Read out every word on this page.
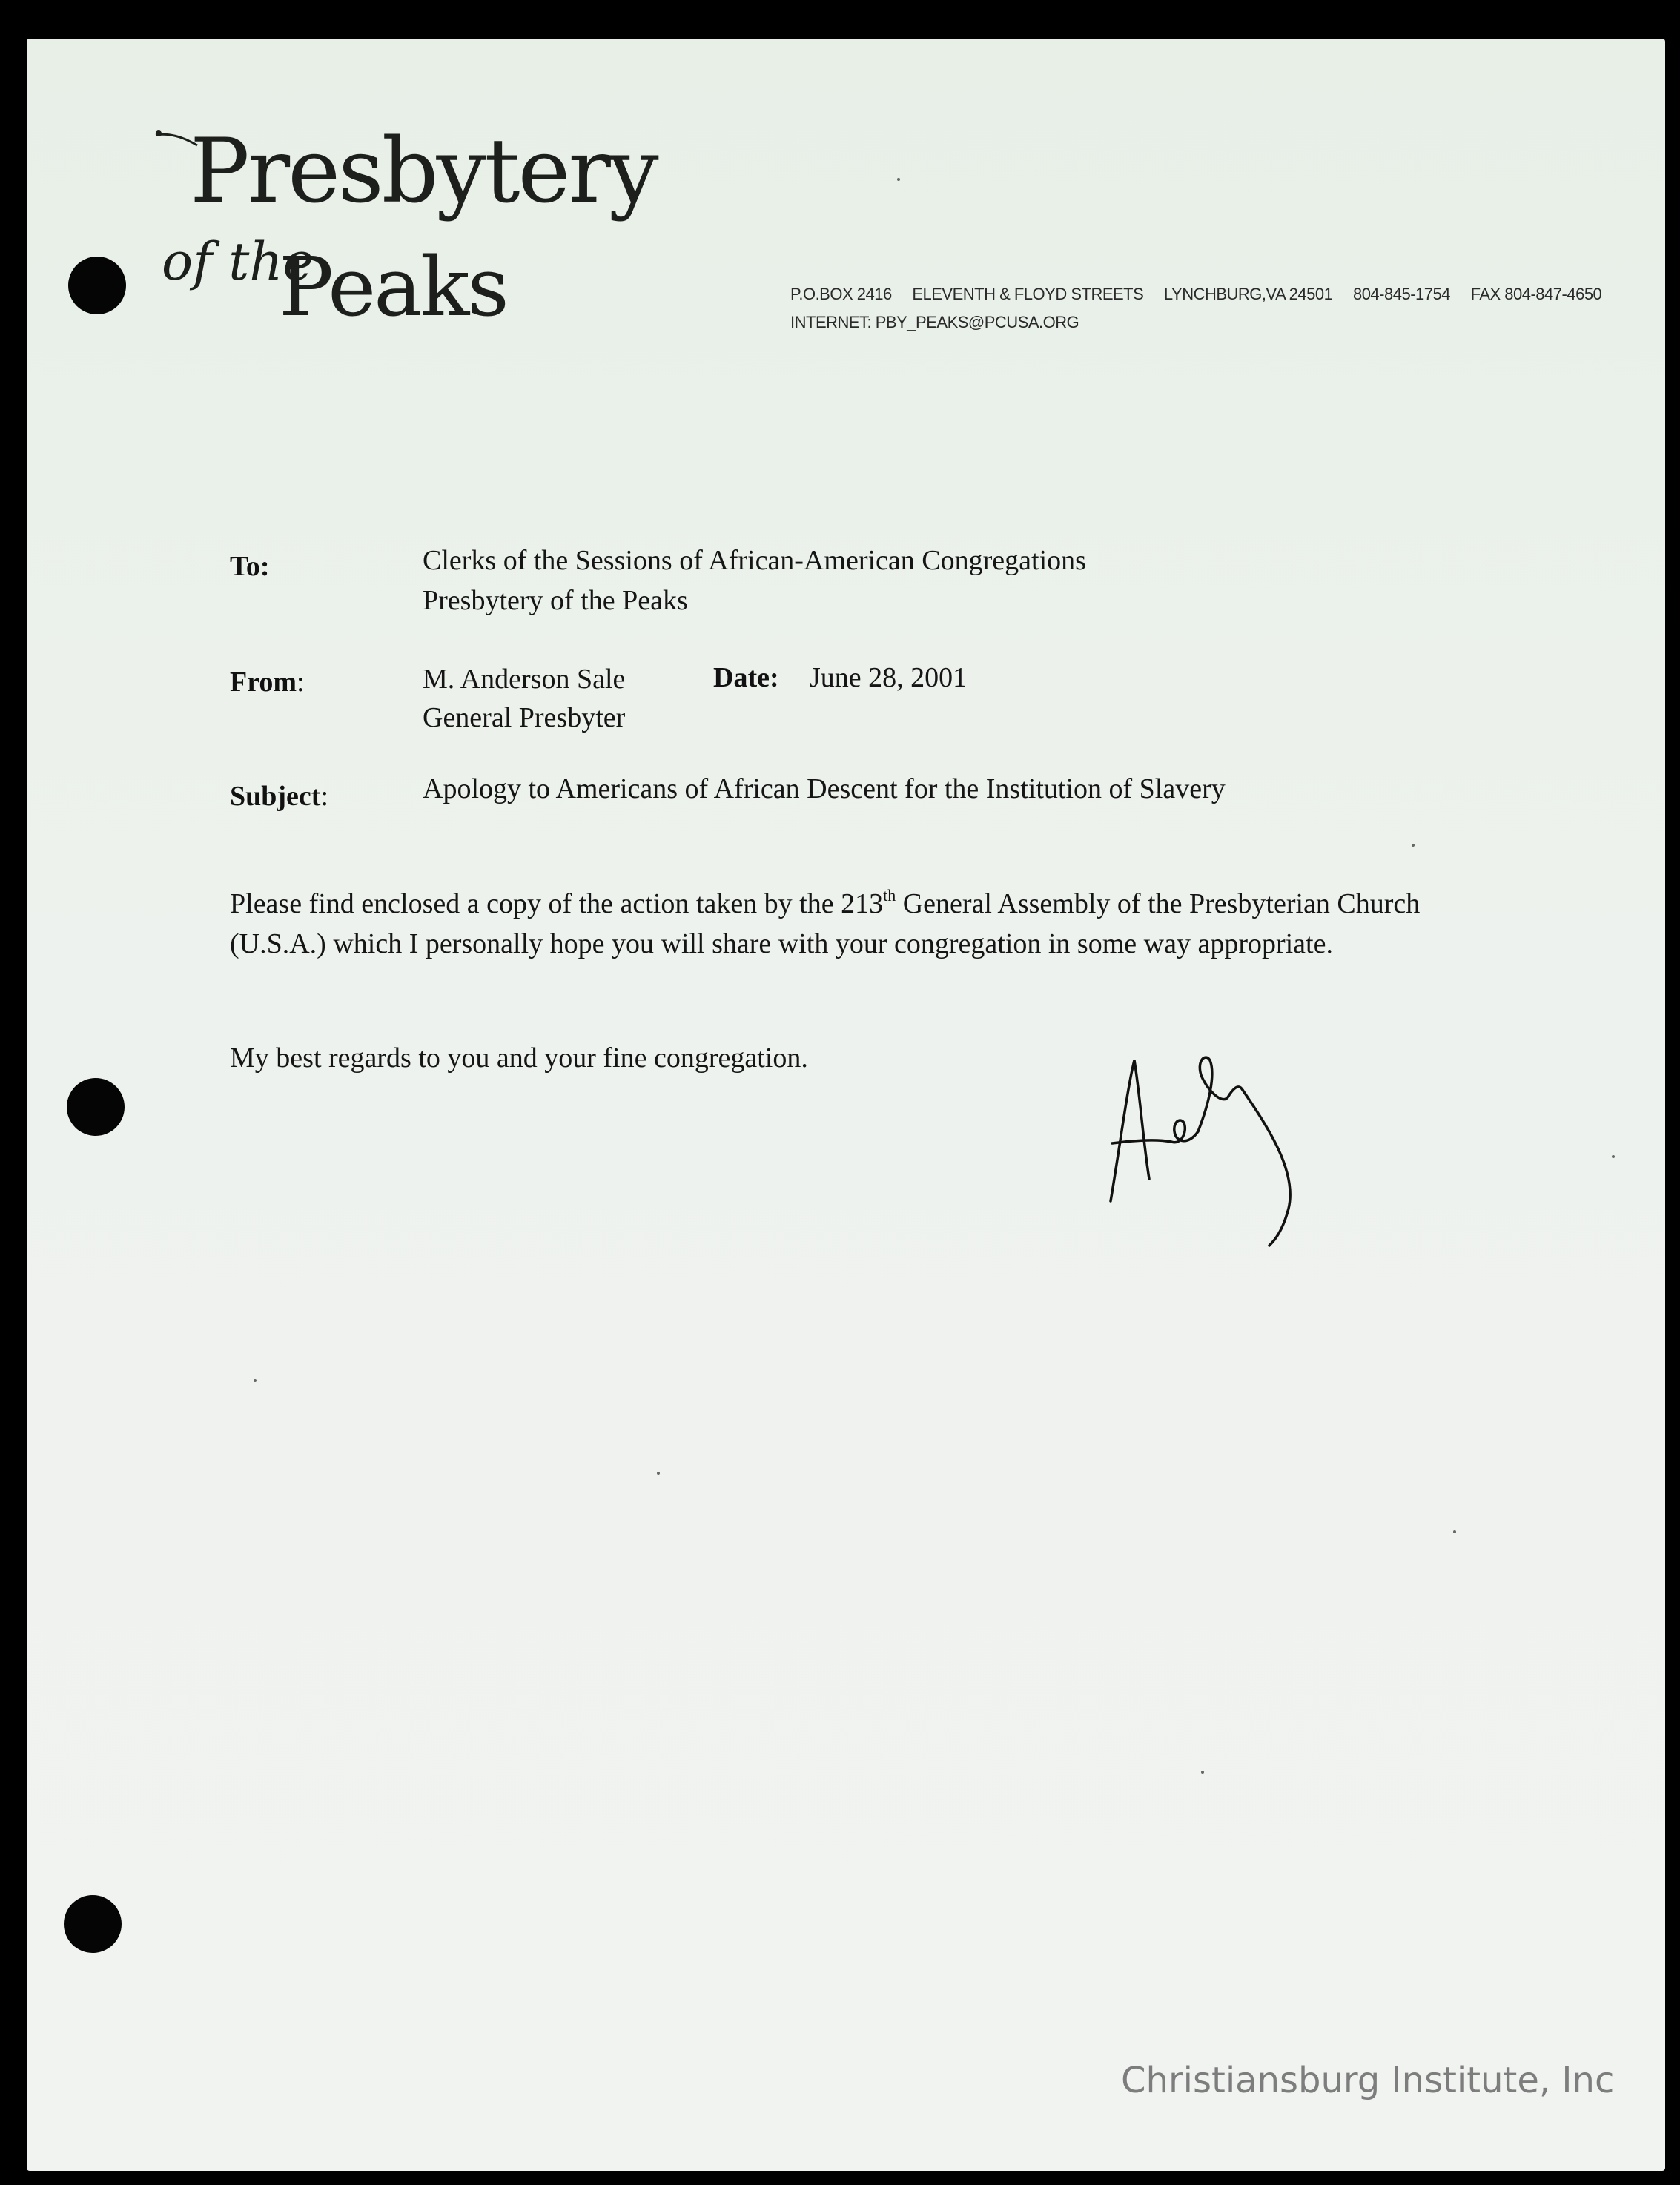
Presbytery
of the
Peaks	P.O.BOX 2416 ELEVENTH & FLOYD STREETS LYNCHBURG,VA 24501 804-845-1754 FAX 804-847-4650
INTERNET: PBY_PEAKS@PCUSA.ORG
To:	Clerks of the Sessions of African-American Congregations
Presbytery of the Peaks
From:	M. Anderson Sale
General Presbyter
Date: June 28, 2001
Subject:	Apology to Americans of African Descent for the Institution of Slavery
Please find enclosed a copy of the action taken by the 213th General Assembly of the Presbyterian Church (U.S.A.) which I personally hope you will share with your congregation in some way appropriate.
My best regards to you and your fine congregation.
Christiansburg Institute, Inc
